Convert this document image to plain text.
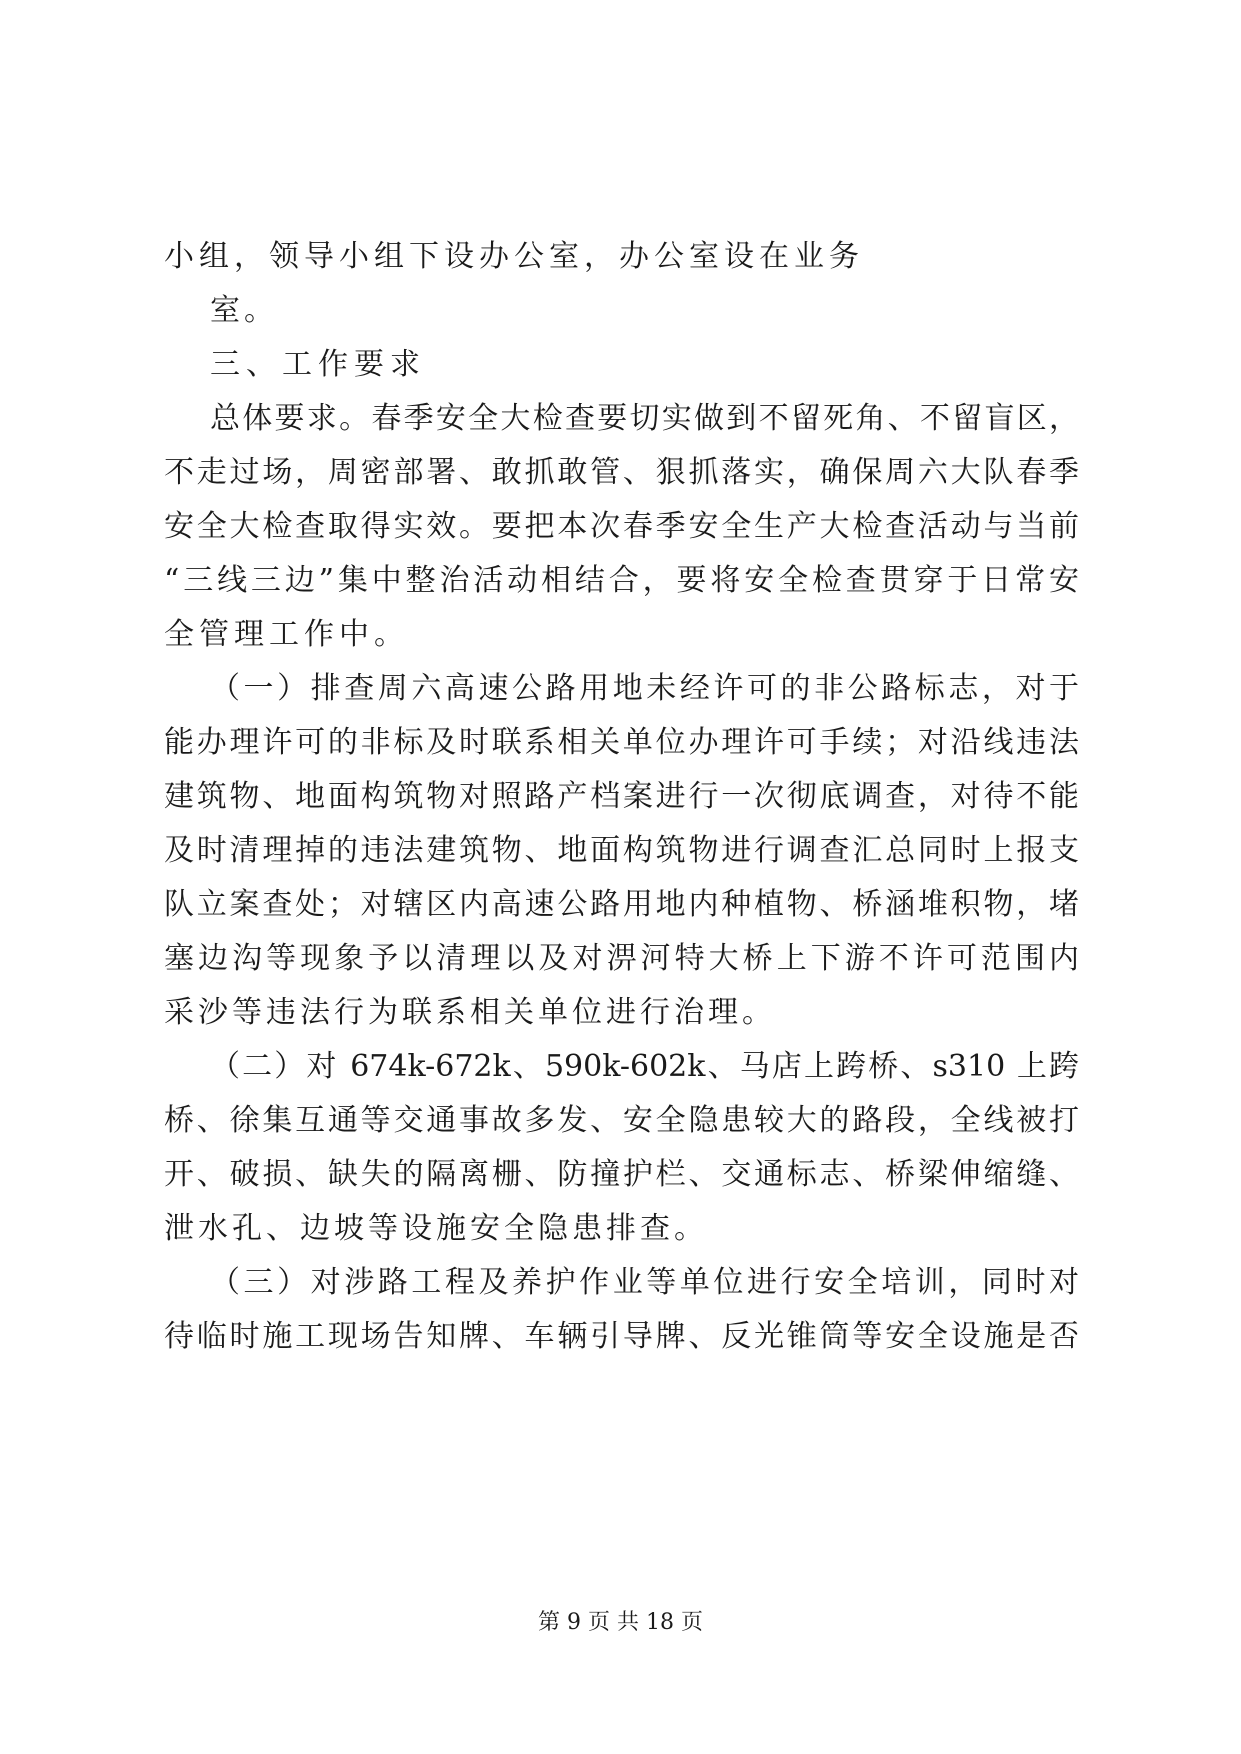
小组，领导小组下设办公室，办公室设在业务
室。
三、工作要求
总体要求。春季安全大检查要切实做到不留死角、不留盲区，
不走过场，周密部署、敢抓敢管、狠抓落实，确保周六大队春季
安全大检查取得实效。要把本次春季安全生产大检查活动与当前
“三线三边”集中整治活动相结合，要将安全检查贯穿于日常安
全管理工作中。
（一）排查周六高速公路用地未经许可的非公路标志，对于
能办理许可的非标及时联系相关单位办理许可手续；对沿线违法
建筑物、地面构筑物对照路产档案进行一次彻底调查，对待不能
及时清理掉的违法建筑物、地面构筑物进行调查汇总同时上报支
队立案查处；对辖区内高速公路用地内种植物、桥涵堆积物，堵
塞边沟等现象予以清理以及对淠河特大桥上下游不许可范围内
采沙等违法行为联系相关单位进行治理。
（二）对 674k-672k、590k-602k、马店上跨桥、s310 上跨
桥、徐集互通等交通事故多发、安全隐患较大的路段，全线被打
开、破损、缺失的隔离栅、防撞护栏、交通标志、桥梁伸缩缝、
泄水孔、边坡等设施安全隐患排查。
（三）对涉路工程及养护作业等单位进行安全培训，同时对
待临时施工现场告知牌、车辆引导牌、反光锥筒等安全设施是否
第 9 页 共 18 页
